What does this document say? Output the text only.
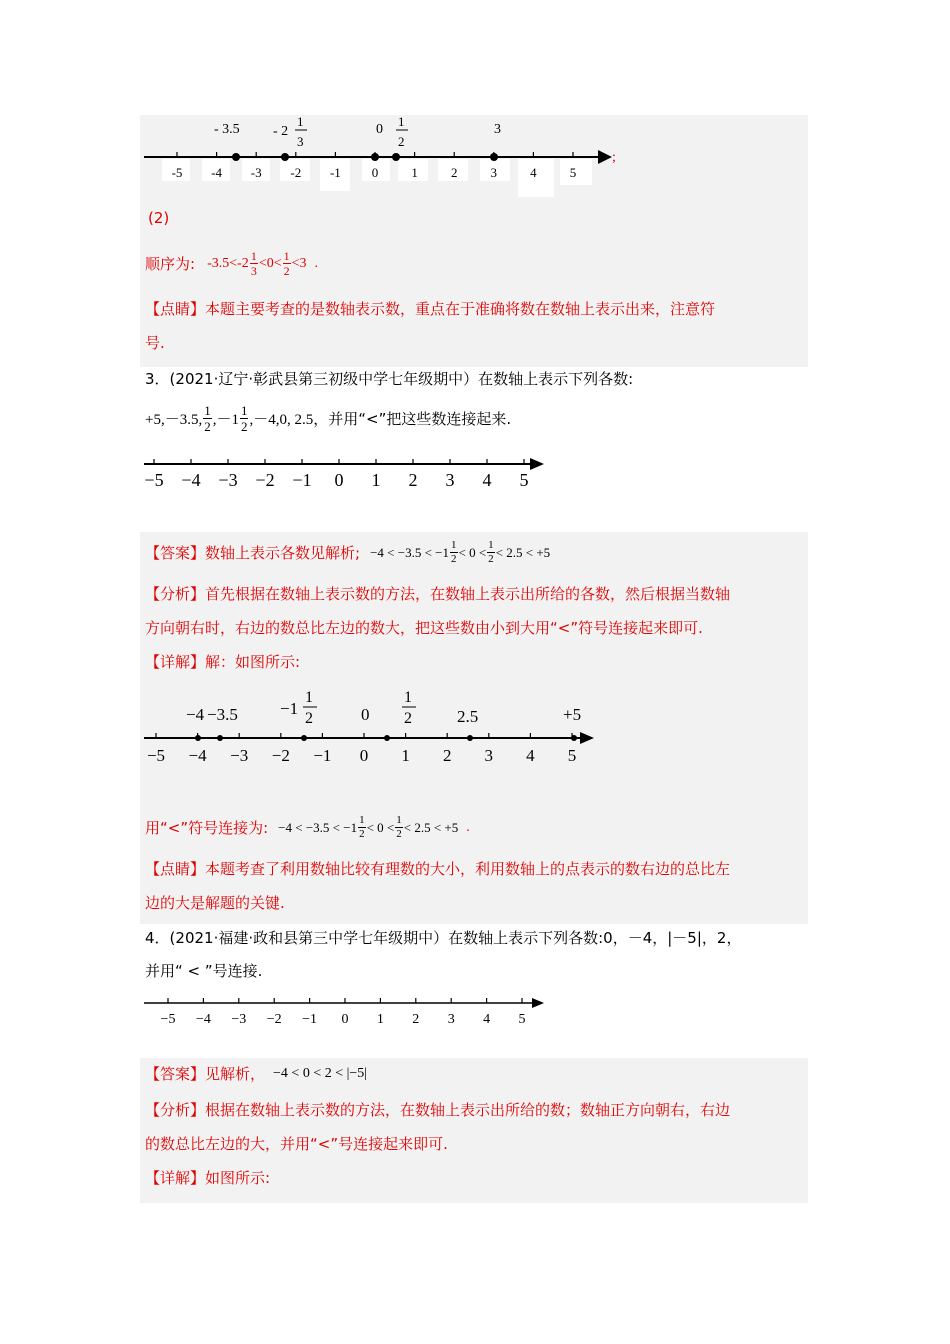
-5 -4 -3 -2 -1 0	1	2	3	4	5
- 3.5 - 2
1
3
0
1
2
3
;
(2)
顺序为: $-3.5 < -2 \frac{1}{3} <0< \frac{1}{2} <3$ .
【点睛】本题主要考查的是数轴表示数，重点在于准确将数在数轴上表示出来，注意符
号.
3．(2021·辽宁·彰武县第三初级中学七年级期中）在数轴上表示下列各数:
+5,－3.5, $\frac{1}{2} ,-1 \frac{1}{2} ,-4,0$, 2.5 ，并用“<”把这些数连接起来.
−5 −4 −3 −2 −1 0 1 2 3 4 5
【答案】 数轴上表示各数见解析; $-4 < -3.5 < -1 \frac{1}{2} < 0 < \frac{1}{2} < 2.5 < +5$
【分析】首先根据在数轴上表示数的方法，在数轴上表示出所给的各数，然后根据当数轴
方向朝右时，右边的数总比左边的数大，把这些数由小到大用“<”符号连接起来即可.
【详解】解：如图所示:
−5 −4 −3 −2 −1 0 1 2 3 4 5
−4 −3.5 −1
1
2	0
1
2	2.5	+5
用“<”符号连接为: $-4 < -3.5 < -1 \frac{1}{2} < 0 < \frac{1}{2} < 2.5 < +5$ .
【点睛】本题考查了利用数轴比较有理数的大小，利用数轴上的点表示的数右边的总比左
边的大是解题的关键.
4．(2021·福建·政和县第三中学七年级期中）在数轴上表示下列各数:0，－4，|－5|，2，
并用“ < ”号连接.
−5 −4 −3 −2 −1 0 1 2 3 4 5
【答案】 见解析， −4 < 0 < 2 < |−5|
【分析】根据在数轴上表示数的方法，在数轴上表示出所给的数；数轴正方向朝右，右边
的数总比左边的大，并用“<”号连接起来即可.
【详解】如图所示:
